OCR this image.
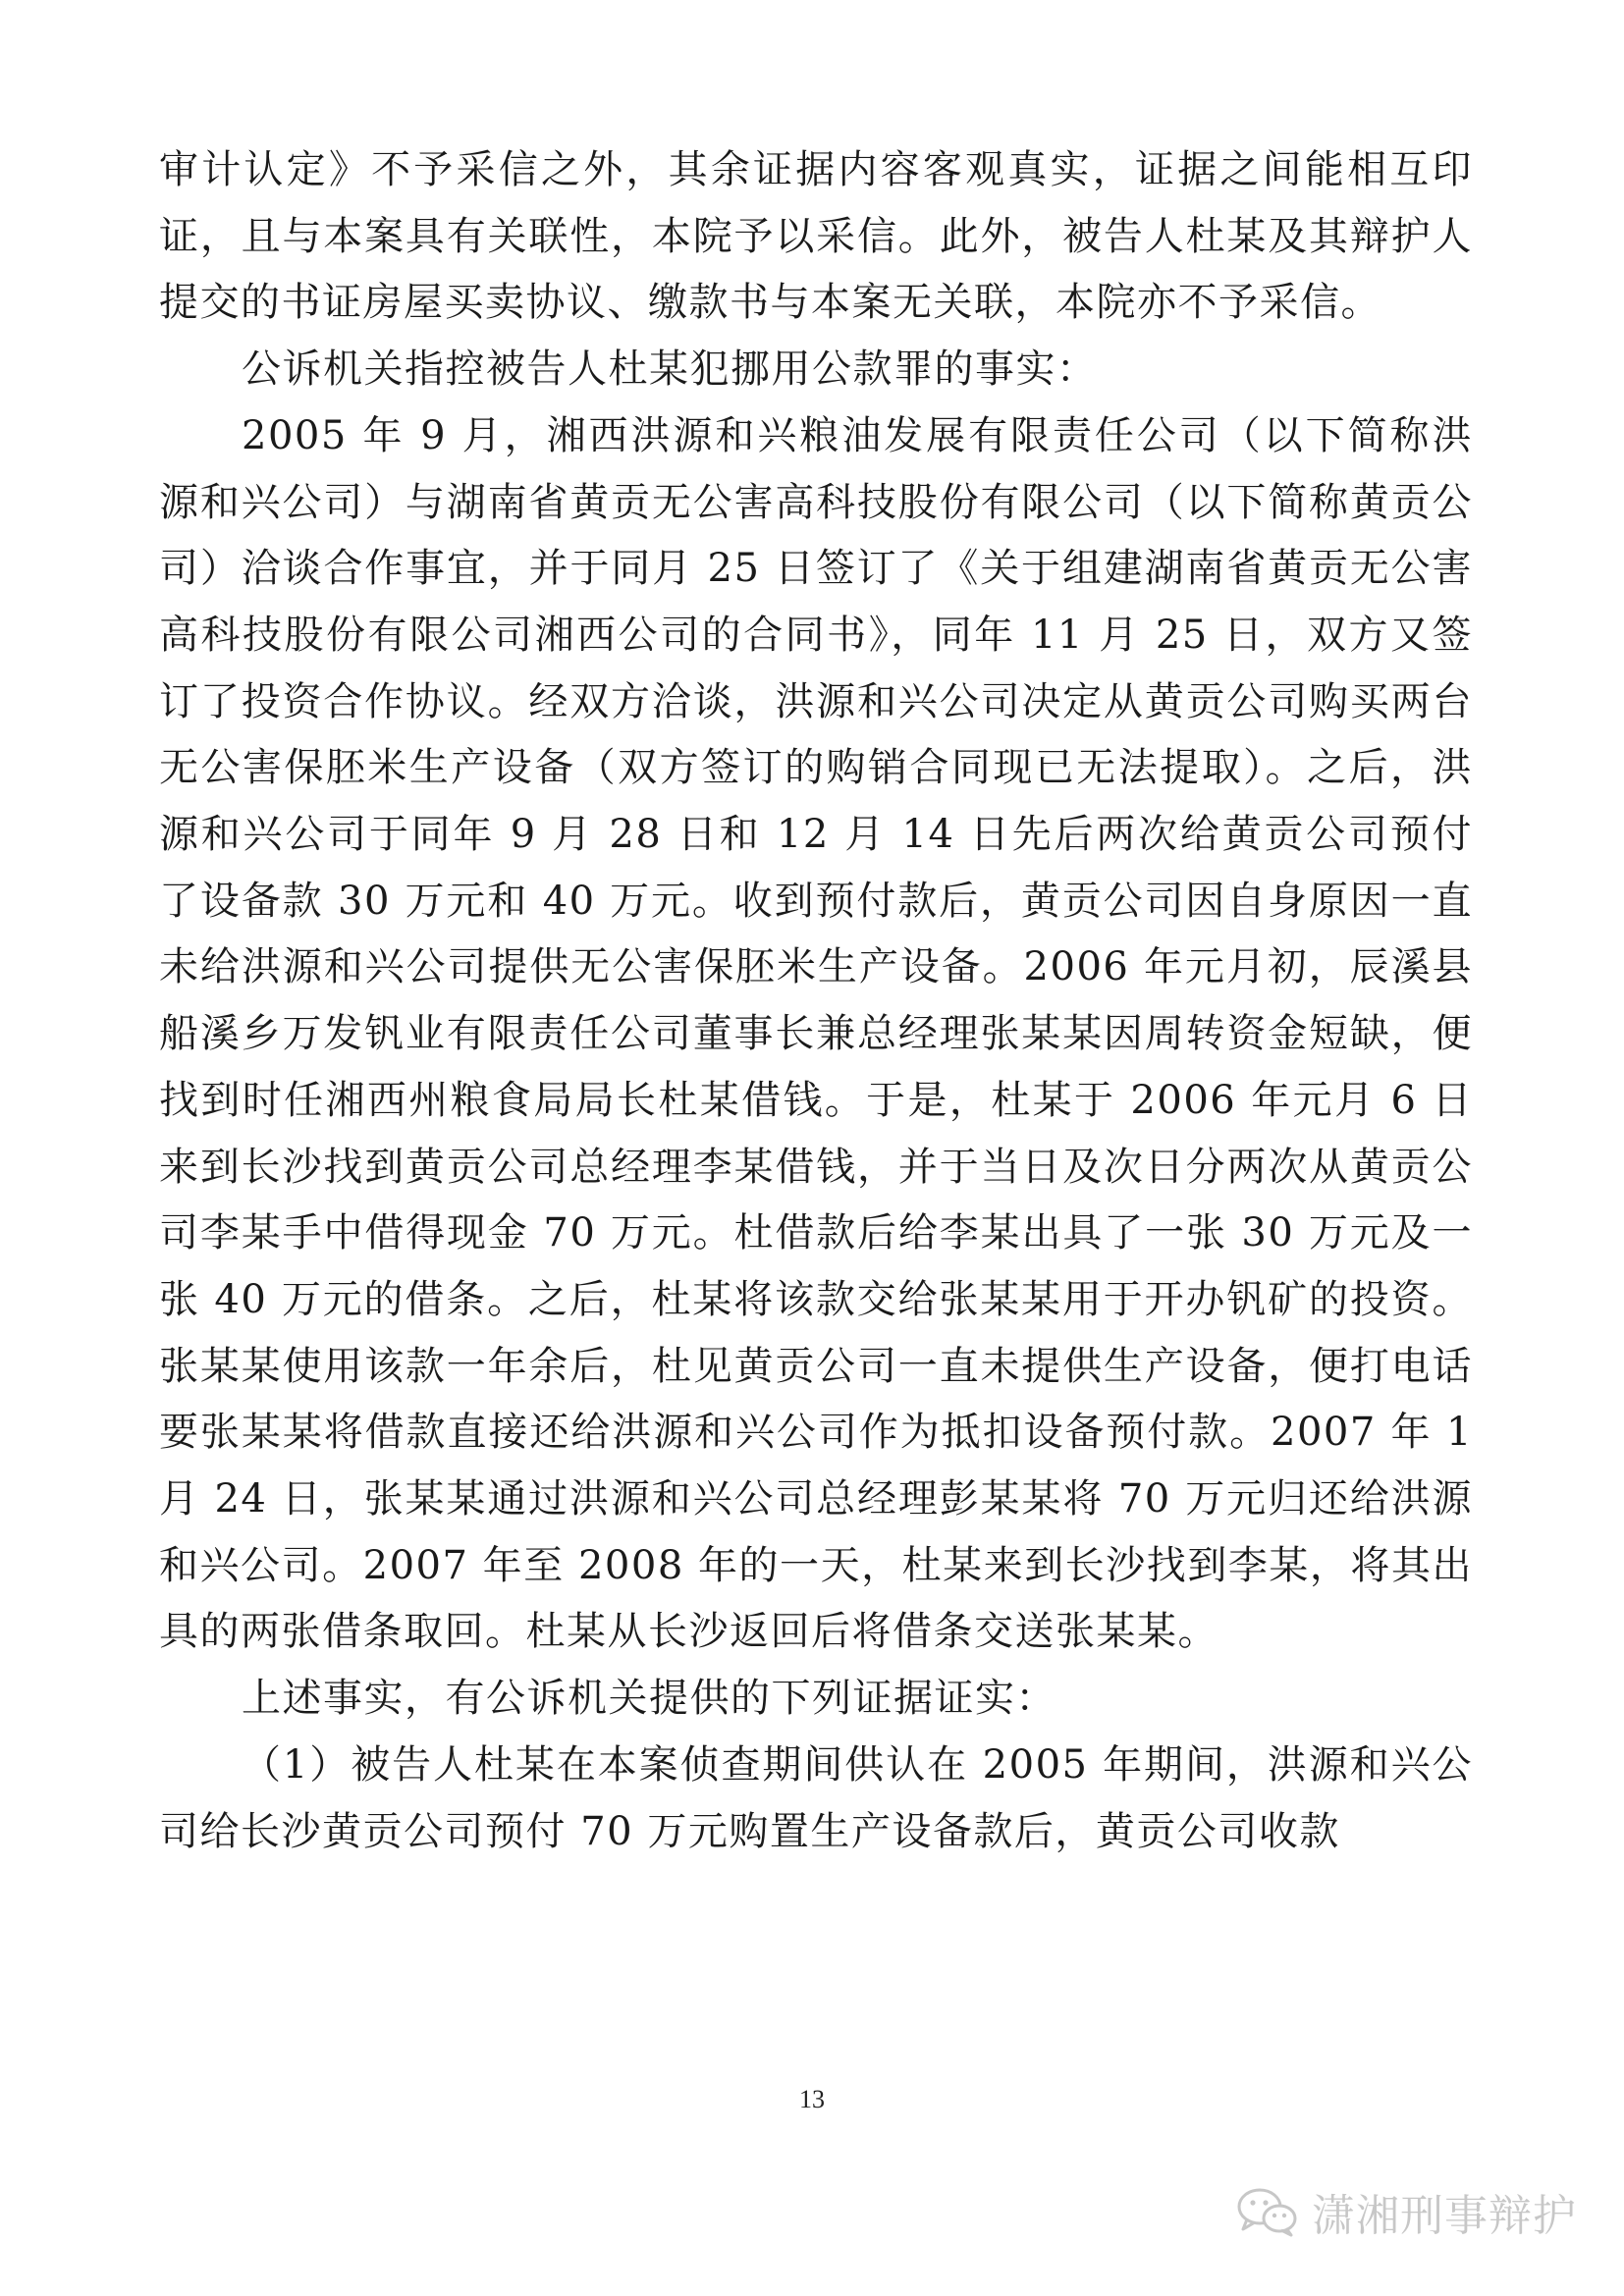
审计认定》不予采信之外，其余证据内容客观真实，证据之间能相互印证，且与本案具有关联性，本院予以采信。此外，被告人杜某及其辩护人提交的书证房屋买卖协议、缴款书与本案无关联，本院亦不予采信。

公诉机关指控被告人杜某犯挪用公款罪的事实：

2005 年 9 月，湘西洪源和兴粮油发展有限责任公司（以下简称洪源和兴公司）与湖南省黄贡无公害高科技股份有限公司（以下简称黄贡公司）洽谈合作事宜，并于同月 25 日签订了《关于组建湖南省黄贡无公害高科技股份有限公司湘西公司的合同书》，同年 11 月 25 日，双方又签订了投资合作协议。经双方洽谈，洪源和兴公司决定从黄贡公司购买两台无公害保胚米生产设备（双方签订的购销合同现已无法提取）。之后，洪源和兴公司于同年 9 月 28 日和 12 月 14 日先后两次给黄贡公司预付了设备款 30 万元和 40 万元。收到预付款后，黄贡公司因自身原因一直未给洪源和兴公司提供无公害保胚米生产设备。2006 年元月初，辰溪县船溪乡万发钒业有限责任公司董事长兼总经理张某某因周转资金短缺，便找到时任湘西州粮食局局长杜某借钱。于是，杜某于 2006 年元月 6 日来到长沙找到黄贡公司总经理李某借钱，并于当日及次日分两次从黄贡公司李某手中借得现金 70 万元。杜借款后给李某出具了一张 30 万元及一张 40 万元的借条。之后，杜某将该款交给张某某用于开办钒矿的投资。张某某使用该款一年余后，杜见黄贡公司一直未提供生产设备，便打电话要张某某将借款直接还给洪源和兴公司作为抵扣设备预付款。2007 年 1 月 24 日，张某某通过洪源和兴公司总经理彭某某将 70 万元归还给洪源和兴公司。2007 年至 2008 年的一天，杜某来到长沙找到李某，将其出具的两张借条取回。杜某从长沙返回后将借条交送张某某。

上述事实，有公诉机关提供的下列证据证实：

（1）被告人杜某在本案侦查期间供认在 2005 年期间，洪源和兴公司给长沙黄贡公司预付 70 万元购置生产设备款后，黄贡公司收款

13
潇湘刑事辩护
